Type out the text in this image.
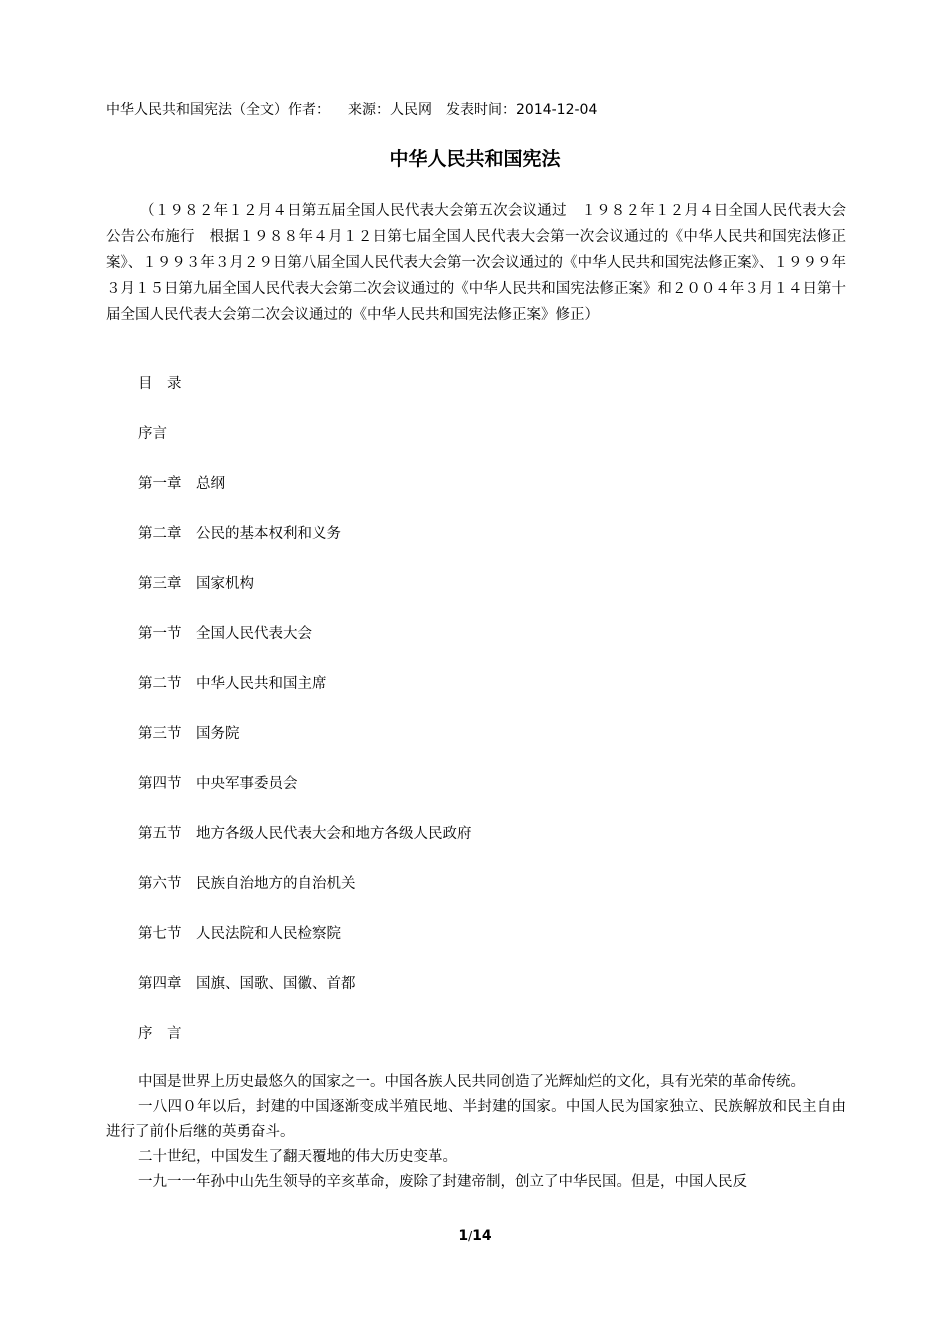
中华人民共和国宪法（全文）作者： 来源：人民网 发表时间：2014-12-04
中华人民共和国宪法
（１９８２年１２月４日第五届全国人民代表大会第五次会议通过　１９８２年１２月４日全国人民代表大会公告公布施行　根据１９８８年４月１２日第七届全国人民代表大会第一次会议通过的《中华人民共和国宪法修正案》、１９９３年３月２９日第八届全国人民代表大会第一次会议通过的《中华人民共和国宪法修正案》、１９９９年３月１５日第九届全国人民代表大会第二次会议通过的《中华人民共和国宪法修正案》和２００４年３月１４日第十届全国人民代表大会第二次会议通过的《中华人民共和国宪法修正案》修正）
目　录
序言
第一章　总纲
第二章　公民的基本权利和义务
第三章　国家机构
第一节　全国人民代表大会
第二节　中华人民共和国主席
第三节　国务院
第四节　中央军事委员会
第五节　地方各级人民代表大会和地方各级人民政府
第六节　民族自治地方的自治机关
第七节　人民法院和人民检察院
第四章　国旗、国歌、国徽、首都
序　言

中国是世界上历史最悠久的国家之一。中国各族人民共同创造了光辉灿烂的文化，具有光荣的革命传统。

一八四０年以后，封建的中国逐渐变成半殖民地、半封建的国家。中国人民为国家独立、民族解放和民主自由进行了前仆后继的英勇奋斗。

二十世纪，中国发生了翻天覆地的伟大历史变革。

一九一一年孙中山先生领导的辛亥革命，废除了封建帝制，创立了中华民国。但是，中国人民反

1/14
